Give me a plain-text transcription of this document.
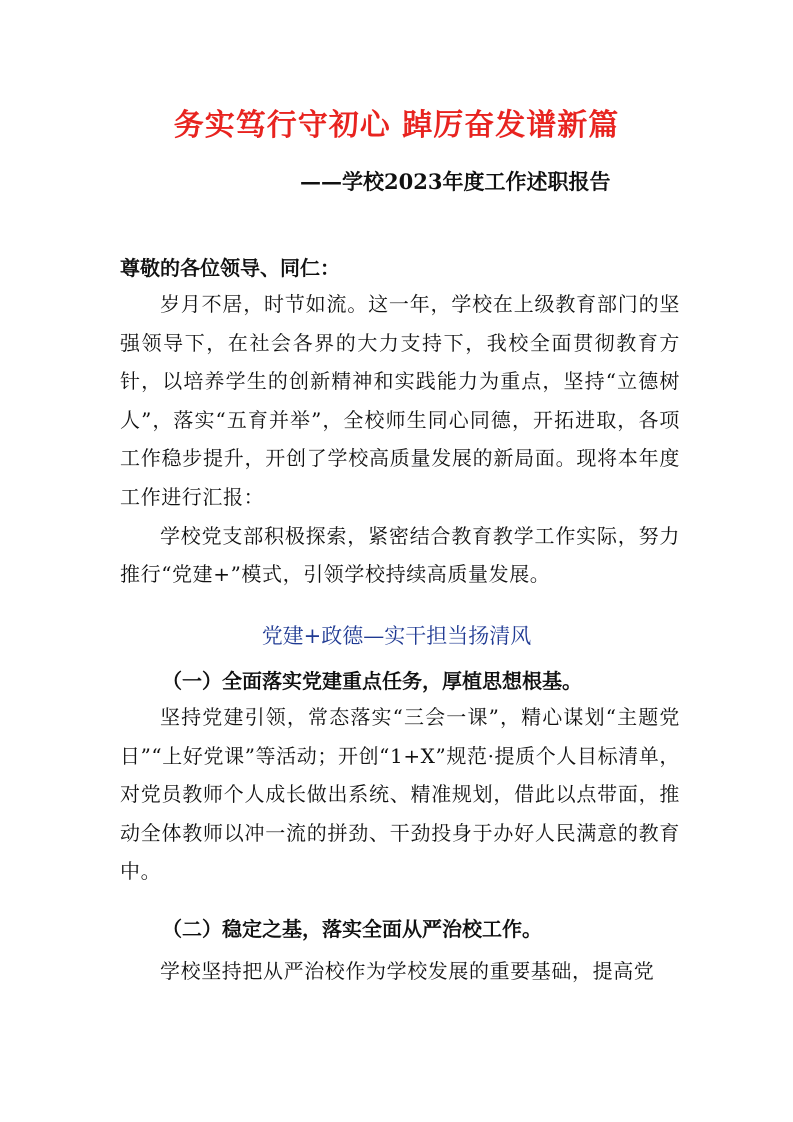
务实笃行守初心 踔厉奋发谱新篇
——学校2023年度工作述职报告
尊敬的各位领导、同仁：

岁月不居，时节如流。这一年，学校在上级教育部门的坚强领导下，在社会各界的大力支持下，我校全面贯彻教育方针，以培养学生的创新精神和实践能力为重点，坚持“立德树人”，落实“五育并举”，全校师生同心同德，开拓进取，各项工作稳步提升，开创了学校高质量发展的新局面。现将本年度工作进行汇报：

学校党支部积极探索，紧密结合教育教学工作实际，努力推行“党建+”模式，引领学校持续高质量发展。

党建+政德—实干担当扬清风
（一）全面落实党建重点任务，厚植思想根基。

坚持党建引领，常态落实“三会一课”，精心谋划“主题党日”“上好党课”等活动；开创“1+X”规范·提质个人目标清单，对党员教师个人成长做出系统、精准规划，借此以点带面，推动全体教师以冲一流的拼劲、干劲投身于办好人民满意的教育中。

（二）稳定之基，落实全面从严治校工作。

学校坚持把从严治校作为学校发展的重要基础，提高党
